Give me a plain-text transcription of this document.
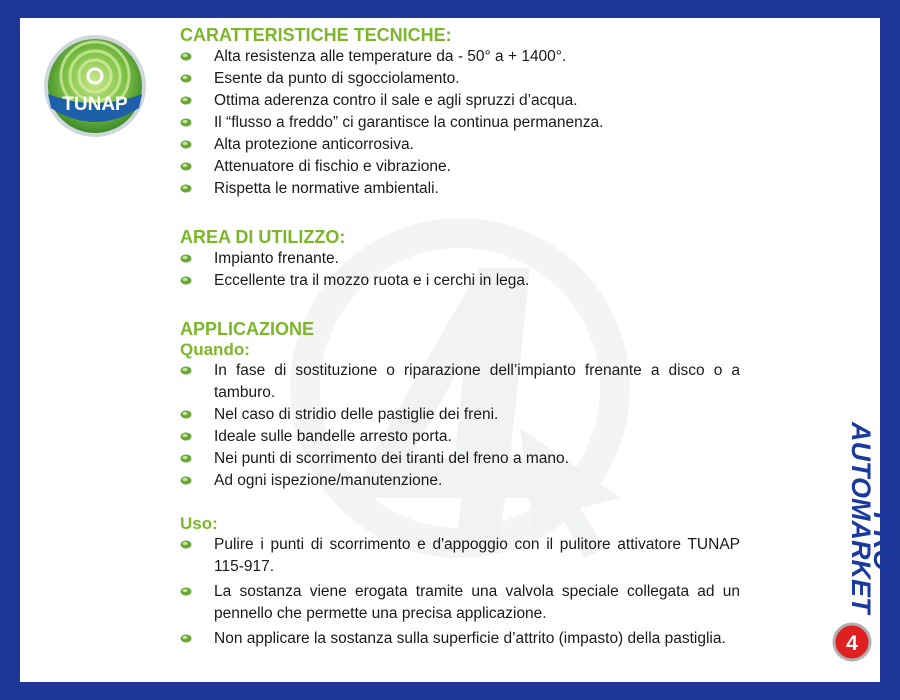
TUNAP
AUTOMARKET
PRO
4
CARATTERISTICHE TECNICHE:
Alta resistenza alle temperature da - 50° a + 1400°.
Esente da punto di sgocciolamento.
Ottima aderenza contro il sale e agli spruzzi d’acqua.
Il “flusso a freddo” ci garantisce la continua permanenza.
Alta protezione anticorrosiva.
Attenuatore di fischio e vibrazione.
Rispetta le normative ambientali.
AREA DI UTILIZZO:
Impianto frenante.
Eccellente tra il mozzo ruota e i cerchi in lega.
APPLICAZIONE
Quando:
In fase di sostituzione o riparazione dell’impianto frenante a disco o a tamburo.
Nel caso di stridio delle pastiglie dei freni.
Ideale sulle bandelle arresto porta.
Nei punti di scorrimento dei tiranti del freno a mano.
Ad ogni ispezione/manutenzione.
Uso:
Pulire i punti di scorrimento e d'appoggio con il pulitore attivatore TUNAP 115-917.
La sostanza viene erogata tramite una valvola speciale collegata ad un pennello che permette una precisa applicazione.
Non applicare la sostanza sulla superficie d’attrito (impasto) della pastiglia.
